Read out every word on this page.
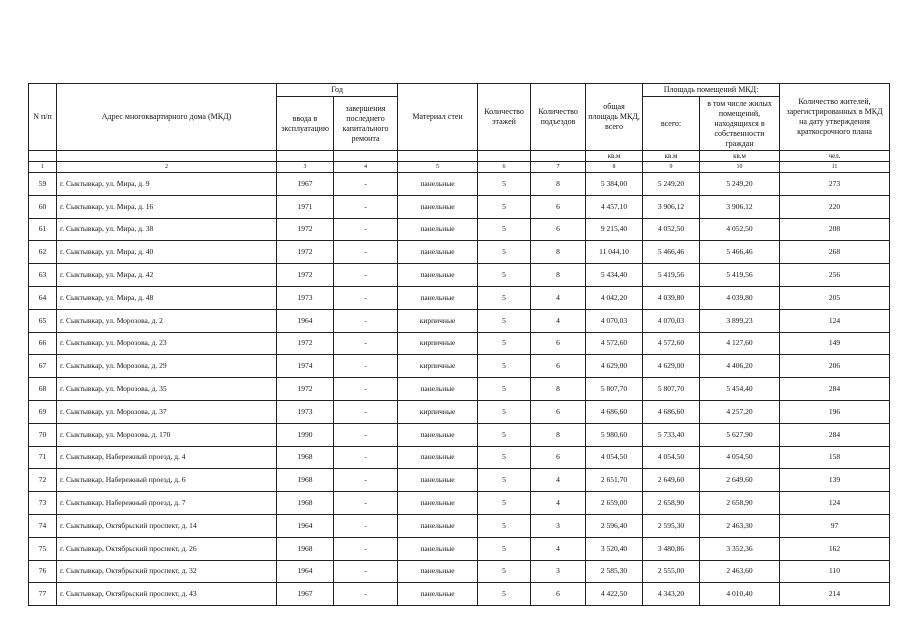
N п/п	Адрес многоквартирного дома (МКД)	Год		Материал стен	Количество этажей	Количество подъездов	общая площадь МКД, всего	Площадь помещений МКД:		Количество жителей, зарегистрированных в МКД на дату утверждения краткосрочного плана
		ввода в эксплуатацию	завершения последнего капитального ремонта					всего:	в том числе жилых помещений, находящихся в собственности граждан	
							кв.м	кв.м	кв.м	чел.
1	2	3	4	5	6	7	8	9	10	11
59	г. Сыктывкар, ул. Мира, д. 9	1967	-	панельные	5	8	5 384,00	5 249,20	5 249,20	273
60	г. Сыктывкар, ул. Мира, д. 16	1971	-	панельные	5	6	4 457,10	3 906,12	3 906,12	220
61	г. Сыктывкар, ул. Мира, д. 38	1972	-	панельные	5	6	9 215,40	4 052,50	4 052,50	208
62	г. Сыктывкар, ул. Мира, д. 40	1972	-	панельные	5	8	11 044,10	5 466,46	5 466,46	268
63	г. Сыктывкар, ул. Мира, д. 42	1972	-	панельные	5	8	5 434,40	5 419,56	5 419,56	256
64	г. Сыктывкар, ул. Мира, д. 48	1973	-	панельные	5	4	4 042,20	4 039,80	4 039,80	205
65	г. Сыктывкар, ул. Морозова, д. 2	1964	-	кирпичные	5	4	4 070,03	4 070,03	3 899,23	124
66	г. Сыктывкар, ул. Морозова, д. 23	1972	-	кирпичные	5	6	4 572,60	4 572,60	4 127,60	149
67	г. Сыктывкар, ул. Морозова, д. 29	1974	-	кирпичные	5	6	4 629,00	4 629,00	4 406,20	206
68	г. Сыктывкар, ул. Морозова, д. 35	1972	-	панельные	5	8	5 807,70	5 807,70	5 454,40	284
69	г. Сыктывкар, ул. Морозова, д. 37	1973	-	кирпичные	5	6	4 686,60	4 686,60	4 257,20	196
70	г. Сыктывкар, ул. Морозова, д. 170	1990	-	панельные	5	8	5 980,60	5 733,40	5 627,90	284
71	г. Сыктывкар, Набережный проезд, д. 4	1968	-	панельные	5	6	4 054,50	4 054,50	4 054,50	158
72	г. Сыктывкар, Набережный проезд, д. 6	1968	-	панельные	5	4	2 651,70	2 649,60	2 649,60	139
73	г. Сыктывкар, Набережный проезд, д. 7	1968	-	панельные	5	4	2 659,00	2 658,90	2 658,90	124
74	г. Сыктывкар, Октябрьский проспект, д. 14	1964	-	панельные	5	3	2 596,40	2 595,30	2 463,30	97
75	г. Сыктывкар, Октябрьский проспект, д. 26	1968	-	панельные	5	4	3 520,40	3 480,86	3 352,36	162
76	г. Сыктывкар, Октябрьский проспект, д. 32	1964	-	панельные	5	3	2 585,30	2 555,00	2 463,60	110
77	г. Сыктывкар, Октябрьский проспект, д. 43	1967	-	панельные	5	6	4 422,50	4 343,20	4 010,40	214
